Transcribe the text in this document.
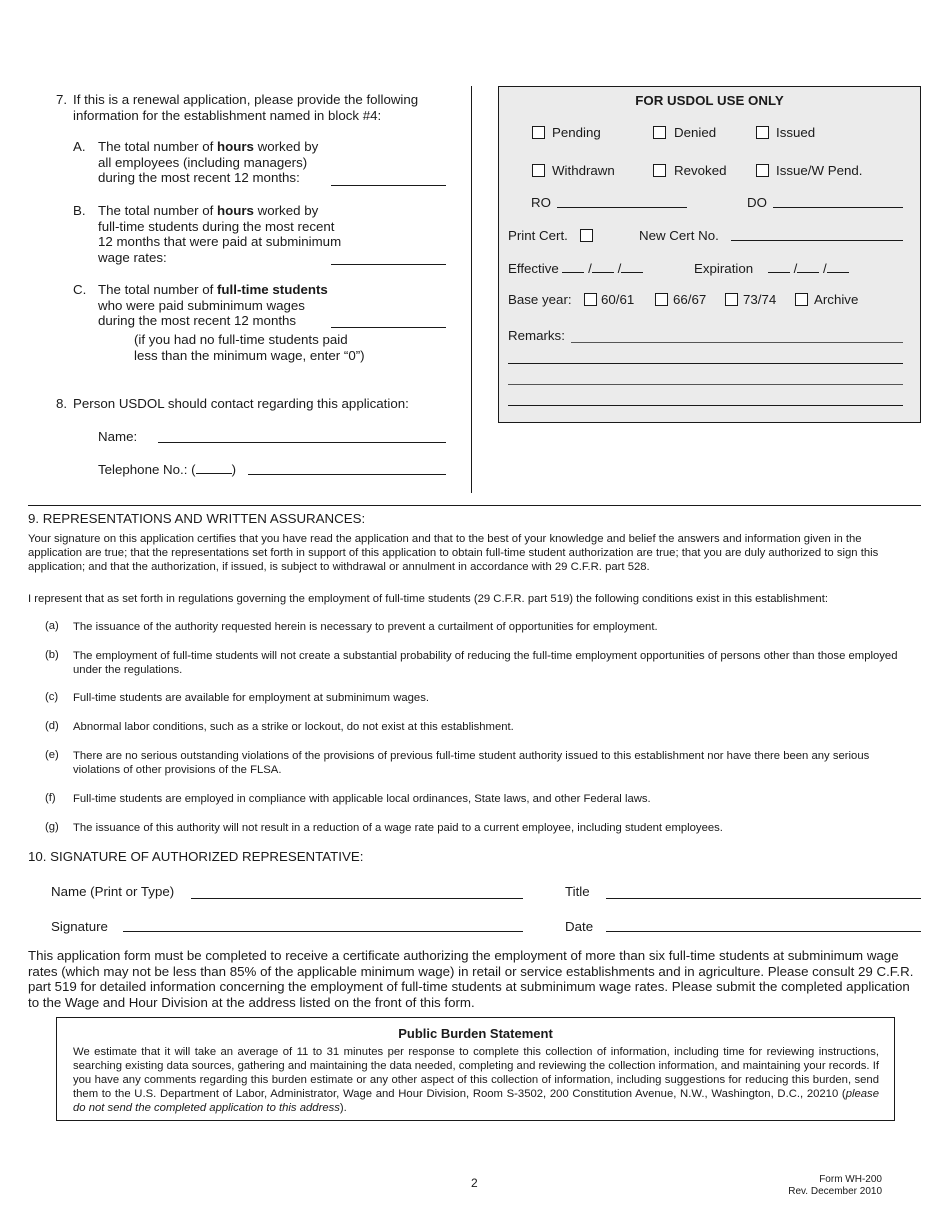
7. If this is a renewal application, please provide the following
information for the establishment named in block #4:
A. The total number of hours worked by
all employees (including managers)
during the most recent 12 months:
B. The total number of hours worked by
full-time students during the most recent
12 months that were paid at subminimum
wage rates:
C. The total number of full-time students
who were paid subminimum wages
during the most recent 12 months
(if you had no full-time students paid
less than the minimum wage, enter “0”)
8. Person USDOL should contact regarding this application:
Name:
Telephone No.: (	)
FOR USDOL USE ONLY
Pending	Denied	Issued
Withdrawn	Revoked	Issue/W Pend.
RO	DO
Print Cert.	New Cert No.
Effective / /	Expiration	/ /
Base year: 60/61	66/67	73/74	Archive
Remarks:
9. REPRESENTATIONS AND WRITTEN ASSURANCES:
Your signature on this application certifies that you have read the application and that to the best of your knowledge and belief the answers and information given in the application are true; that the representations set forth in support of this application to obtain full-time student authorization are true; that you are duly authorized to sign this application; and that the authorization, if issued, is subject to withdrawal or annulment in accordance with 29 C.F.R. part 528.
I represent that as set forth in regulations governing the employment of full-time students (29 C.F.R. part 519) the following conditions exist in this establishment:
(a) The issuance of the authority requested herein is necessary to prevent a curtailment of opportunities for employment.
(b) The employment of full-time students will not create a substantial probability of reducing the full-time employment opportunities of persons other than those employed under the regulations.
(c) Full-time students are available for employment at subminimum wages.
(d) Abnormal labor conditions, such as a strike or lockout, do not exist at this establishment.
(e) There are no serious outstanding violations of the provisions of previous full-time student authority issued to this establishment nor have there been any serious violations of other provisions of the FLSA.
(f) Full-time students are employed in compliance with applicable local ordinances, State laws, and other Federal laws.
(g) The issuance of this authority will not result in a reduction of a wage rate paid to a current employee, including student employees.
10. SIGNATURE OF AUTHORIZED REPRESENTATIVE:
Name (Print or Type)	Title
Signature	Date
This application form must be completed to receive a certificate authorizing the employment of more than six full-time students at subminimum wage rates (which may not be less than 85% of the applicable minimum wage) in retail or service establishments and in agriculture. Please consult 29 C.F.R. part 519 for detailed information concerning the employment of full-time students at subminimum wage rates. Please submit the completed application to the Wage and Hour Division at the address listed on the front of this form.
Public Burden Statement
We estimate that it will take an average of 11 to 31 minutes per response to complete this collection of information, including time for reviewing instructions, searching existing data sources, gathering and maintaining the data needed, completing and reviewing the collection information, and maintaining your records. If you have any comments regarding this burden estimate or any other aspect of this collection of information, including suggestions for reducing this burden, send them to the U.S. Department of Labor, Administrator, Wage and Hour Division, Room S-3502, 200 Constitution Avenue, N.W., Washington, D.C., 20210 (please do not send the completed application to this address).
2	Form WH-200
Rev. December 2010
